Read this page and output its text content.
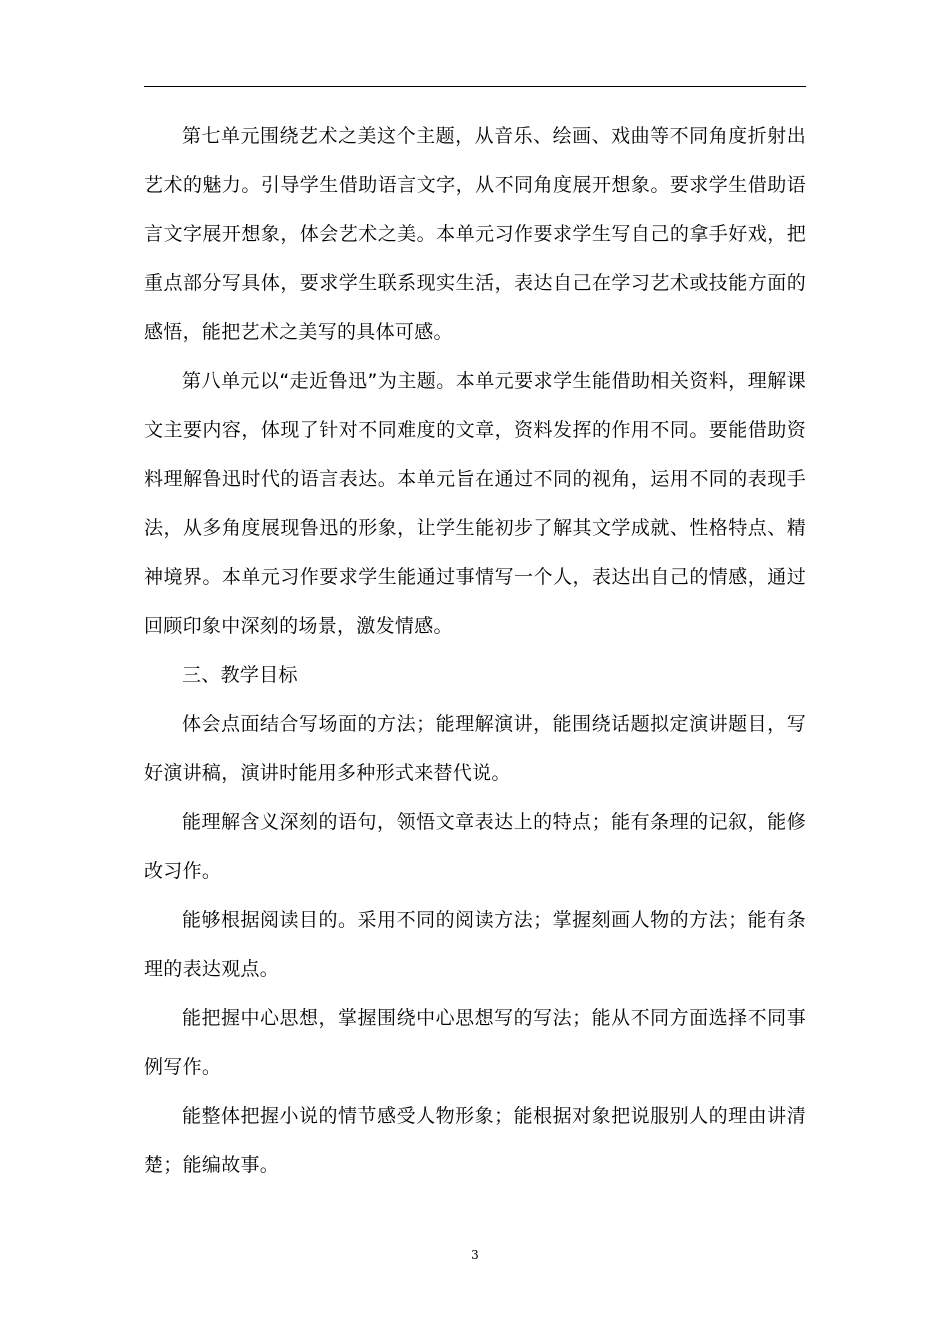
第七单元围绕艺术之美这个主题，从音乐、绘画、戏曲等不同角度折射出艺术的魅力。引导学生借助语言文字，从不同角度展开想象。要求学生借助语言文字展开想象，体会艺术之美。本单元习作要求学生写自己的拿手好戏，把重点部分写具体，要求学生联系现实生活，表达自己在学习艺术或技能方面的感悟，能把艺术之美写的具体可感。

第八单元以“走近鲁迅”为主题。本单元要求学生能借助相关资料，理解课文主要内容，体现了针对不同难度的文章，资料发挥的作用不同。要能借助资料理解鲁迅时代的语言表达。本单元旨在通过不同的视角，运用不同的表现手法，从多角度展现鲁迅的形象，让学生能初步了解其文学成就、性格特点、精神境界。本单元习作要求学生能通过事情写一个人，表达出自己的情感，通过回顾印象中深刻的场景，激发情感。

三、教学目标

体会点面结合写场面的方法；能理解演讲，能围绕话题拟定演讲题目，写好演讲稿，演讲时能用多种形式来替代说。

能理解含义深刻的语句，领悟文章表达上的特点；能有条理的记叙，能修改习作。

能够根据阅读目的。采用不同的阅读方法；掌握刻画人物的方法；能有条理的表达观点。

能把握中心思想，掌握围绕中心思想写的写法；能从不同方面选择不同事例写作。

能整体把握小说的情节感受人物形象；能根据对象把说服别人的理由讲清楚；能编故事。

3
